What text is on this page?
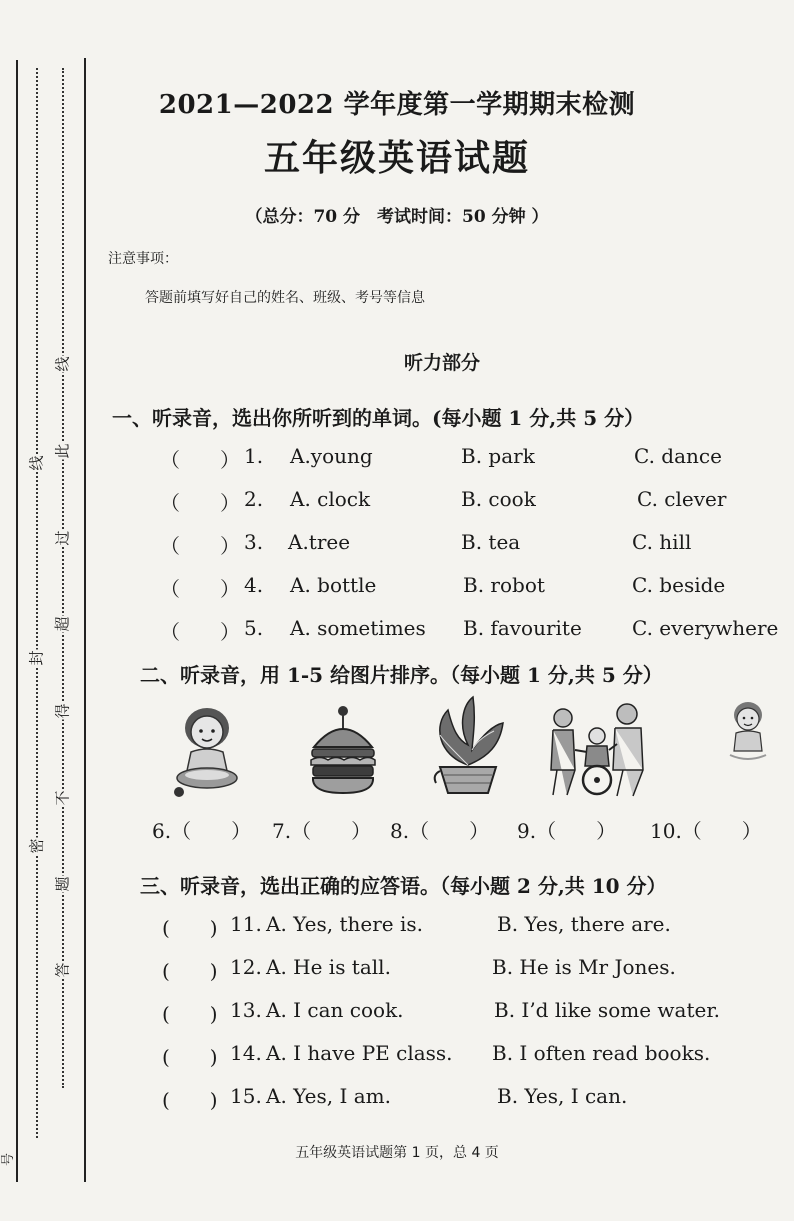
线
封
密
线
此
过
超
得
不
题
答
号
2021—2022 学年度第一学期期末检测
五年级英语试题
（总分：70 分　考试时间：50 分钟 ）
注意事项：
答题前填写好自己的姓名、班级、考号等信息
听力部分
一、听录音，选出你所听到的单词。(每小题 1 分,共 5 分）
（　　） 1. A.young	B. park	C. dance
（　　） 2. A. clock	B. cook	C. clever
（　　） 3. A.tree	B. tea	C. hill
（　　） 4. A. bottle	B. robot	C. beside
（　　） 5. A. sometimes B. favourite	C. everywhere
二、听录音，用 1-5 给图片排序。（每小题 1 分,共 5 分）
6.（　　） 7.（　　） 8.（　　） 9.（　　） 10.（　　）
三、听录音，选出正确的应答语。（每小题 2 分,共 10 分）
(　　) 11. A. Yes, there is.	B. Yes, there are.
(　　) 12. A. He is tall.	B. He is Mr Jones.
(　　) 13. A. I can cook.	B. I’d like some water.
(　　) 14. A. I have PE class. B. I often read books.
(　　) 15. A. Yes, I am.	B. Yes, I can.
五年级英语试题第 1 页，总 4 页
